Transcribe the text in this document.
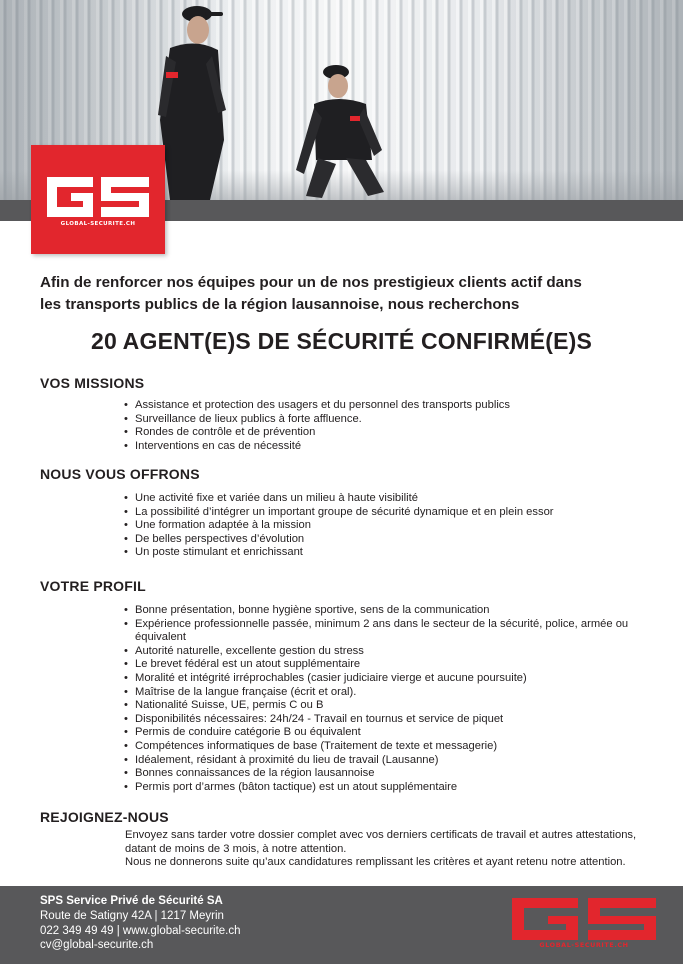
GLOBAL-SECURITE.CH
Afin de renforcer nos équipes pour un de nos prestigieux clients actif dans
les transports publics de la région lausannoise, nous recherchons
20 AGENT(E)S DE SÉCURITÉ CONFIRMÉ(E)S
VOS MISSIONS
• Assistance et protection des usagers et du personnel des transports publics
• Surveillance de lieux publics à forte affluence.
• Rondes de contrôle et de prévention
• Interventions en cas de nécessité
NOUS VOUS OFFRONS
• Une activité fixe et variée dans un milieu à haute visibilité
• La possibilité d’intégrer un important groupe de sécurité dynamique et en plein essor
• Une formation adaptée à la mission
• De belles perspectives d’évolution
• Un poste stimulant et enrichissant
VOTRE PROFIL
• Bonne présentation, bonne hygiène sportive, sens de la communication
• Expérience professionnelle passée, minimum 2 ans dans le secteur de la sécurité, police, armée ou équivalent
• Autorité naturelle, excellente gestion du stress
• Le brevet fédéral est un atout supplémentaire
• Moralité et intégrité irréprochables (casier judiciaire vierge et aucune poursuite)
• Maîtrise de la langue française (écrit et oral).
• Nationalité Suisse, UE, permis C ou B
• Disponibilités nécessaires: 24h/24 - Travail en tournus et service de piquet
• Permis de conduire catégorie B ou équivalent
• Compétences informatiques de base (Traitement de texte et messagerie)
• Idéalement, résidant à proximité du lieu de travail (Lausanne)
• Bonnes connaissances de la région lausannoise
• Permis port d’armes (bâton tactique) est un atout supplémentaire
REJOIGNEZ-NOUS
Envoyez sans tarder votre dossier complet avec vos derniers certificats de travail et autres attestations, datant de moins de 3 mois, à notre attention.
Nous ne donnerons suite qu’aux candidatures remplissant les critères et ayant retenu notre attention.
SPS Service Privé de Sécurité SA
Route de Satigny 42A | 1217 Meyrin
022 349 49 49 | www.global-securite.ch
cv@global-securite.ch	GLOBAL-SECURITE.CH
